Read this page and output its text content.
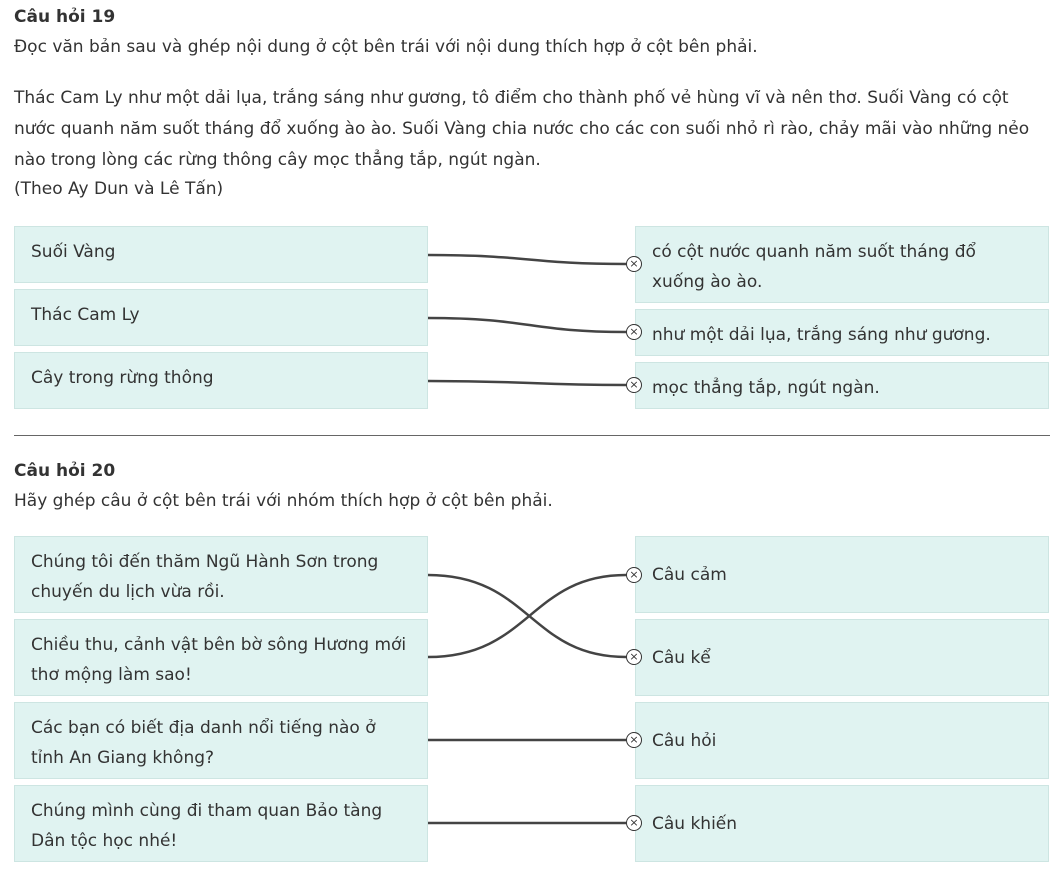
Câu hỏi 19
Đọc văn bản sau và ghép nội dung ở cột bên trái với nội dung thích hợp ở cột bên phải.

Thác Cam Ly như một dải lụa, trắng sáng như gương, tô điểm cho thành phố vẻ hùng vĩ và nên thơ. Suối Vàng có cột nước quanh năm suốt tháng đổ xuống ào ào. Suối Vàng chia nước cho các con suối nhỏ rì rào, chảy mãi vào những nẻo nào trong lòng các rừng thông cây mọc thẳng tắp, ngút ngàn.

(Theo Ay Dun và Lê Tấn)
Suối Vàng
Thác Cam Ly
Cây trong rừng thông
có cột nước quanh năm suốt tháng đổ xuống ào ào.
như một dải lụa, trắng sáng như gương.
mọc thẳng tắp, ngút ngàn.
Câu hỏi 20
Hãy ghép câu ở cột bên trái với nhóm thích hợp ở cột bên phải.
Chúng tôi đến thăm Ngũ Hành Sơn trong chuyến du lịch vừa rồi.
Chiều thu, cảnh vật bên bờ sông Hương mới thơ mộng làm sao!
Các bạn có biết địa danh nổi tiếng nào ở tỉnh An Giang không?
Chúng mình cùng đi tham quan Bảo tàng Dân tộc học nhé!
Câu cảm
Câu kể
Câu hỏi
Câu khiến
×
×
×
×
×
×
×
